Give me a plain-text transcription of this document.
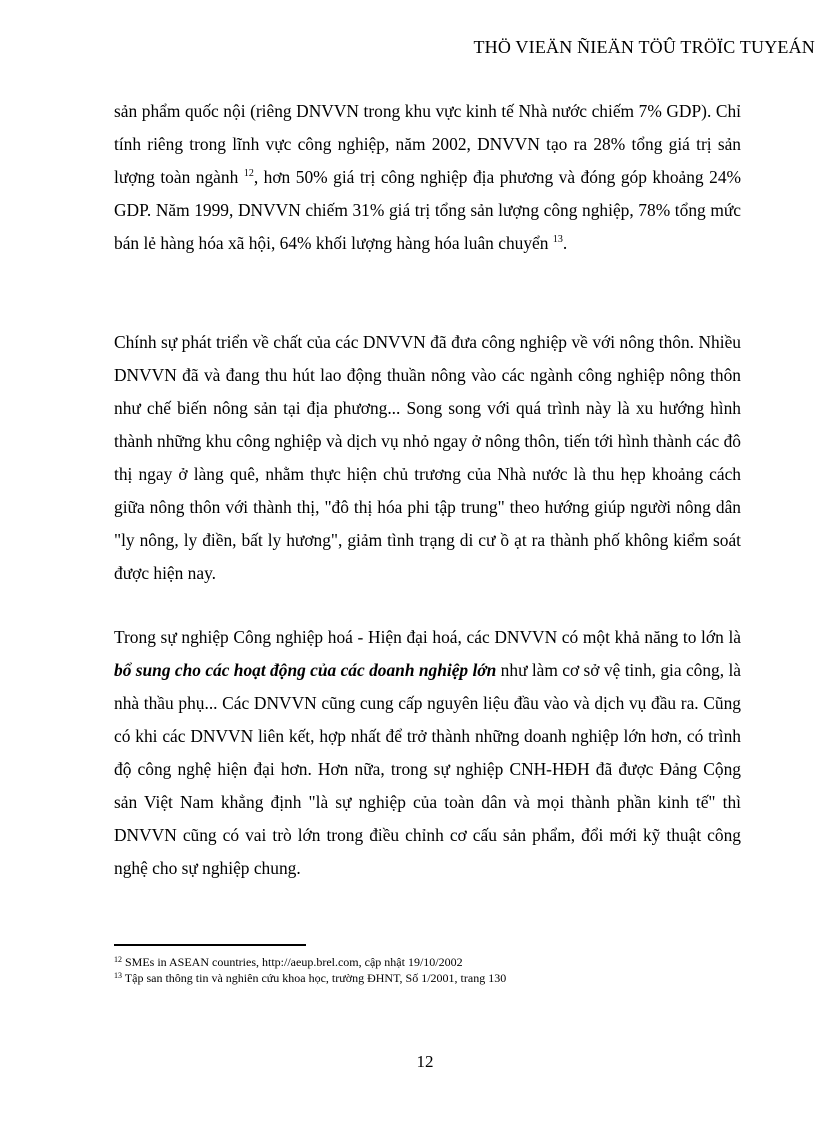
THÖ VIEÄN ÑIEÄN TÖÛ TRÖÏC TUYEÁN

sản phẩm quốc nội (riêng DNVVN trong khu vực kinh tế Nhà nước chiếm 7% GDP). Chỉ tính riêng trong lĩnh vực công nghiệp, năm 2002, DNVVN tạo ra 28% tổng giá trị sản lượng toàn ngành $^{12}$, hơn 50% giá trị công nghiệp địa phương và đóng góp khoảng 24% GDP. Năm 1999, DNVVN chiếm 31% giá trị tổng sản lượng công nghiệp, 78% tổng mức bán lẻ hàng hóa xã hội, 64% khối lượng hàng hóa luân chuyển $^{13}$.

Chính sự phát triển về chất của các DNVVN đã đưa công nghiệp về với nông thôn. Nhiều DNVVN đã và đang thu hút lao động thuần nông vào các ngành công nghiệp nông thôn như chế biến nông sản tại địa phương... Song song với quá trình này là xu hướng hình thành những khu công nghiệp và dịch vụ nhỏ ngay ở nông thôn, tiến tới hình thành các đô thị ngay ở làng quê, nhằm thực hiện chủ trương của Nhà nước là thu hẹp khoảng cách giữa nông thôn với thành thị, "đô thị hóa phi tập trung" theo hướng giúp người nông dân "ly nông, ly điền, bất ly hương", giảm tình trạng di cư ồ ạt ra thành phố không kiểm soát được hiện nay.

Trong sự nghiệp Công nghiệp hoá - Hiện đại hoá, các DNVVN có một khả năng to lớn là bổ sung cho các hoạt động của các doanh nghiệp lớn như làm cơ sở vệ tinh, gia công, là nhà thầu phụ... Các DNVVN cũng cung cấp nguyên liệu đầu vào và dịch vụ đầu ra. Cũng có khi các DNVVN liên kết, hợp nhất để trở thành những doanh nghiệp lớn hơn, có trình độ công nghệ hiện đại hơn. Hơn nữa, trong sự nghiệp CNH-HĐH đã được Đảng Cộng sản Việt Nam khẳng định "là sự nghiệp của toàn dân và mọi thành phần kinh tế" thì DNVVN cũng có vai trò lớn trong điều chỉnh cơ cấu sản phẩm, đổi mới kỹ thuật công nghệ cho sự nghiệp chung.

$^{12}$ SMEs in ASEAN countries, http://aeup.brel.com, cập nhật 19/10/2002
$^{13}$ Tập san thông tin và nghiên cứu khoa học, trường ĐHNT, Số 1/2001, trang 130
12
